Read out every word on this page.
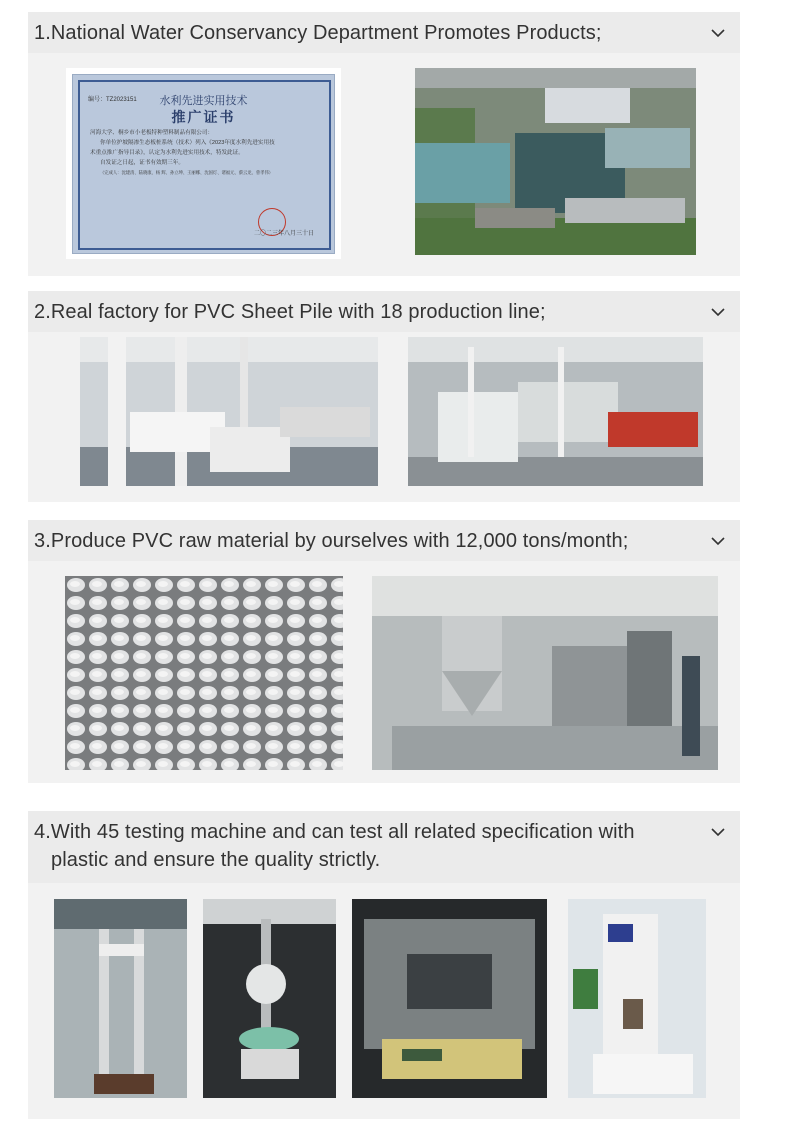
1.National Water Conservancy Department Promotes Products;
编号：TZ2023151	水利先进实用技术
推广证书
河海大学、桐乡市小老板特种塑料制品有限公司：
你单位护坡隔渗生态板桩系统（技术）列入《2023年度水利先进实用技
术重点推广指导目录》，认定为水利先进实用技术，特发此证。
自发证之日起，证书有效期三年。
（完成人：沈建清、陆晓康、杨 辉、孙立坤、王丽娜、沈国灯、诸福元、蔡云龙、曾孝伟）
二〇二三年八月三十日
2.Real factory for PVC Sheet Pile with 18 production line;
3.Produce PVC raw material by ourselves with 12,000 tons/month;
4.With 45 testing machine and can test all related specification with
plastic and ensure the quality strictly.
